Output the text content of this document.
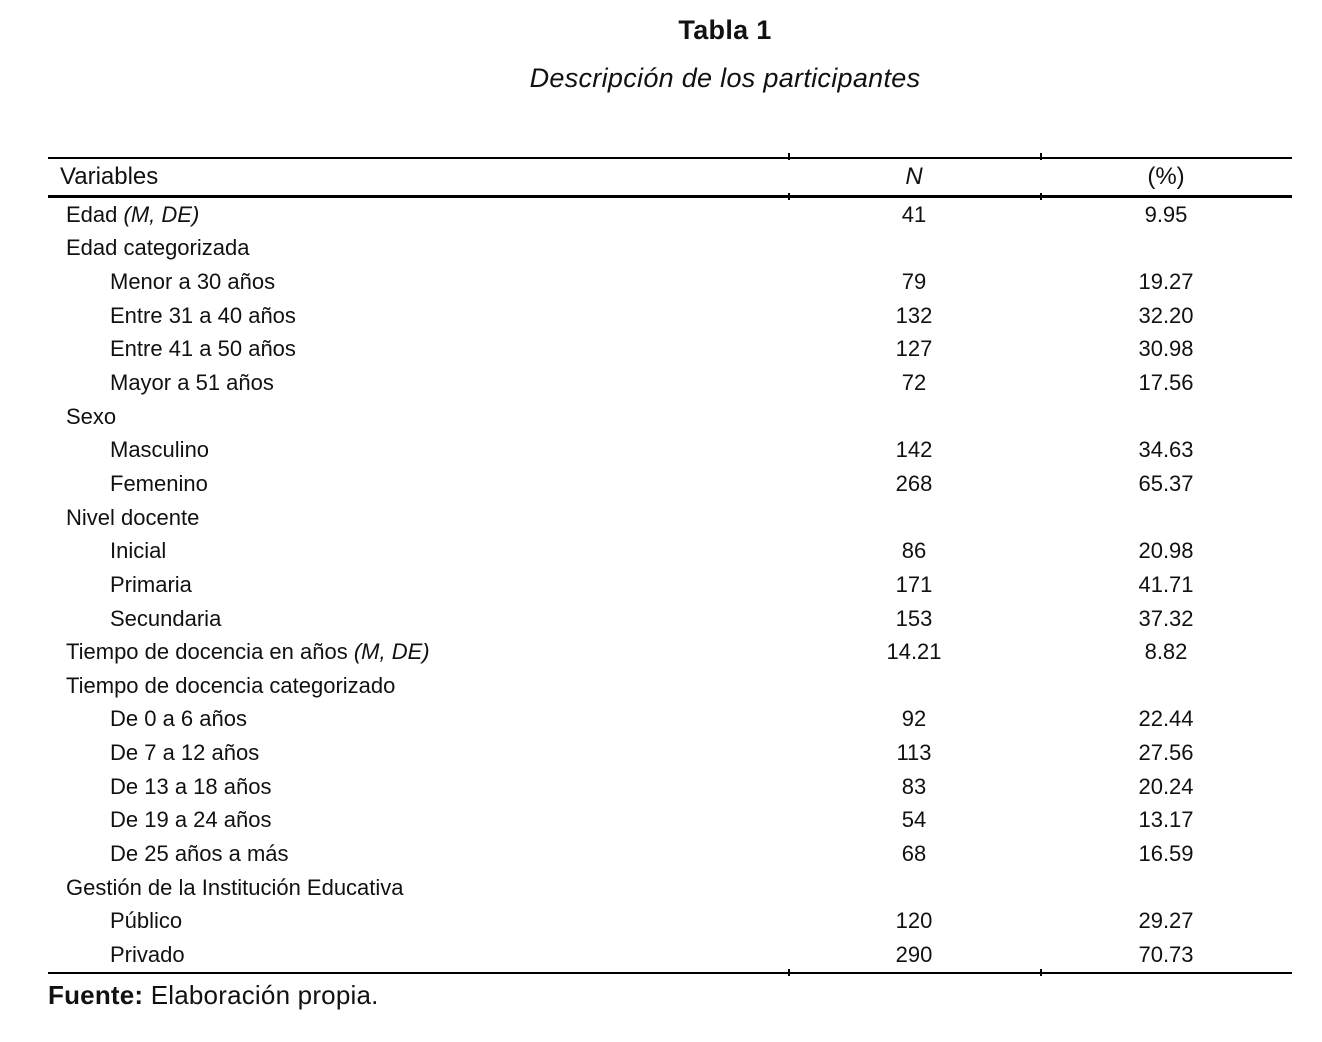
Tabla 1
Descripción de los participantes
Variables	N	(%)
Edad (M, DE)	41	9.95
Edad categorizada
Menor a 30 años	79	19.27
Entre 31 a 40 años	132	32.20
Entre 41 a 50 años	127	30.98
Mayor a 51 años	72	17.56
Sexo
Masculino	142	34.63
Femenino	268	65.37
Nivel docente
Inicial	86	20.98
Primaria	171	41.71
Secundaria	153	37.32
Tiempo de docencia en años (M, DE)	14.21	8.82
Tiempo de docencia categorizado
De 0 a 6 años	92	22.44
De 7 a 12 años	113	27.56
De 13 a 18 años	83	20.24
De 19 a 24 años	54	13.17
De 25 años a más	68	16.59
Gestión de la Institución Educativa
Público	120	29.27
Privado	290	70.73
Fuente: Elaboración propia.
